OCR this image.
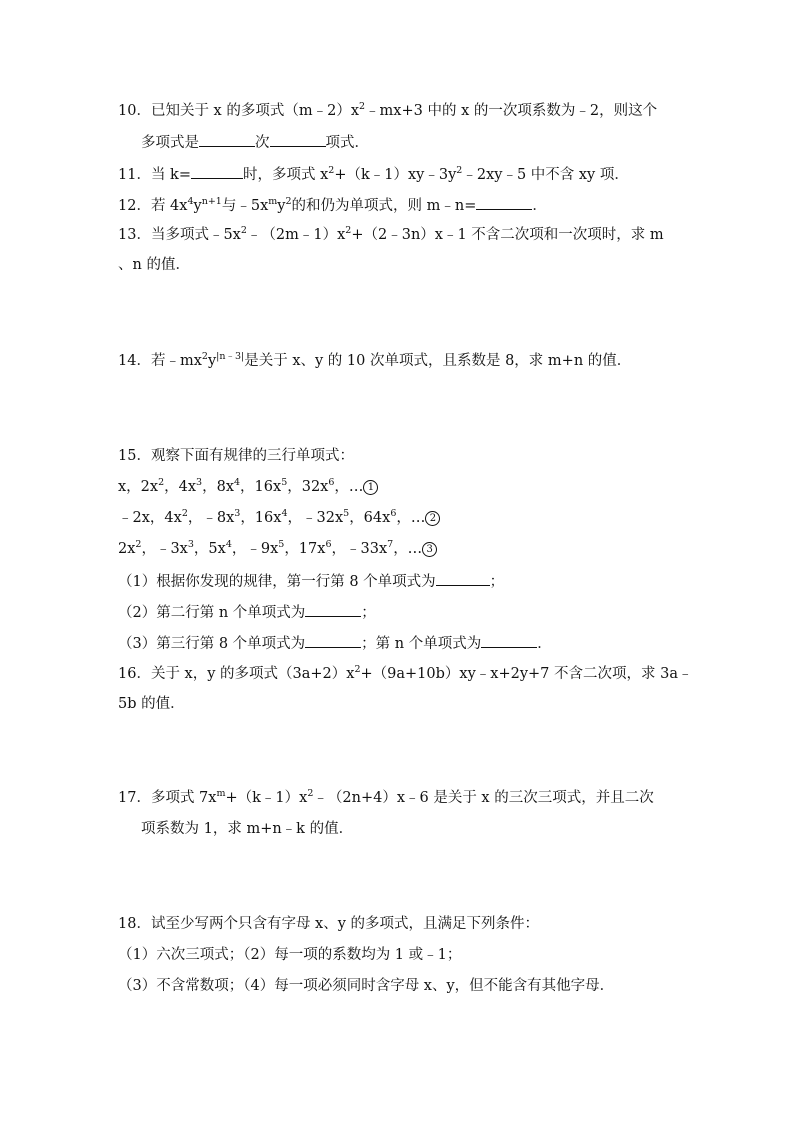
10．已知关于 x 的多项式$(m﹣2)x^2﹣mx+3$ 中的 x 的一次项系数为﹣2，则这个
多项式是	次	项式．
11．当 k=	时，多项式 $x^2+(k﹣1)xy﹣3y^2﹣2xy﹣5$ 中不含 xy 项．
12．若 $4x^4y^{n+1}$与$﹣5x^my^2$的和仍为单项式，则 m﹣n=	．
13．当多项式$﹣5x^2﹣(2m﹣1)x^2+(2﹣3n)x﹣1$ 不含二次项和一次项时，求 m
、n 的值．
14．若$﹣mx^2y^{|n﹣3|}$是关于 x、y 的 10 次单项式，且系数是 8，求 m+n 的值．
15．观察下面有规律的三行单项式：
x，$2x^2$，$4x^3$，$8x^4$，$16x^5$，$32x^6$，… 1
﹣2x，$4x^2$，$﹣8x^3$，$16x^4$，$﹣32x^5$，$64x^6$，… 2
$2x^2$，$﹣3x^3$，$5x^4$，$﹣9x^5$，$17x^6$，$﹣33x^7$，… 3
（1）根据你发现的规律，第一行第 8 个单项式为	；
（2）第二行第 n 个单项式为	；
（3）第三行第 8 个单项式为	；第 n 个单项式为	．
16．关于 x，y 的多项式$(3a+2)x^2+(9a+10b)xy﹣x+2y+7$ 不含二次项，求 3a﹣
5b 的值．
17．多项式 $7x^m+(k﹣1)x^2﹣(2n+4)x﹣6$ 是关于 x 的三次三项式，并且二次
项系数为 1，求 m+n﹣k 的值．
18．试至少写两个只含有字母 x、y 的多项式，且满足下列条件：
（1）六次三项式；（2）每一项的系数均为 1 或﹣1；
（3）不含常数项；（4）每一项必须同时含字母 x、y，但不能含有其他字母．
